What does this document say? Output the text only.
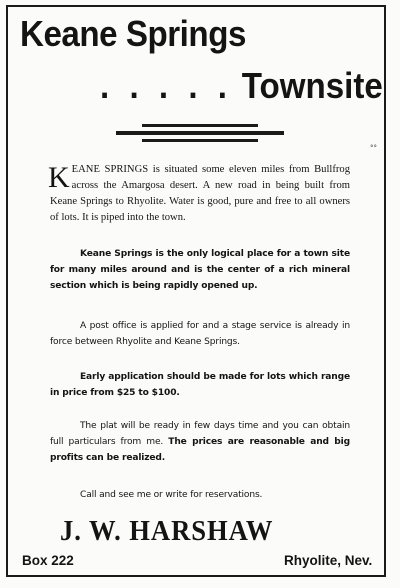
Keane Springs
. . . . . Townsite
°°
KEANE SPRINGS is situated some eleven miles from Bullfrog across the Amargosa desert. A new road in being built from Keane Springs to Rhyolite. Water is good, pure and free to all owners of lots. It is piped into the town.
Keane Springs is the only logical place for a town site for many miles around and is the center of a rich mineral section which is being rapidly opened up.
A post office is applied for and a stage service is already in force between Rhyolite and Keane Springs.
Early application should be made for lots which range in price from $25 to $100.
The plat will be ready in few days time and you can obtain full particulars from me. The prices are reasonable and big profits can be realized.
Call and see me or write for reservations.
J. W. HARSHAW
Box 222	Rhyolite, Nev.
